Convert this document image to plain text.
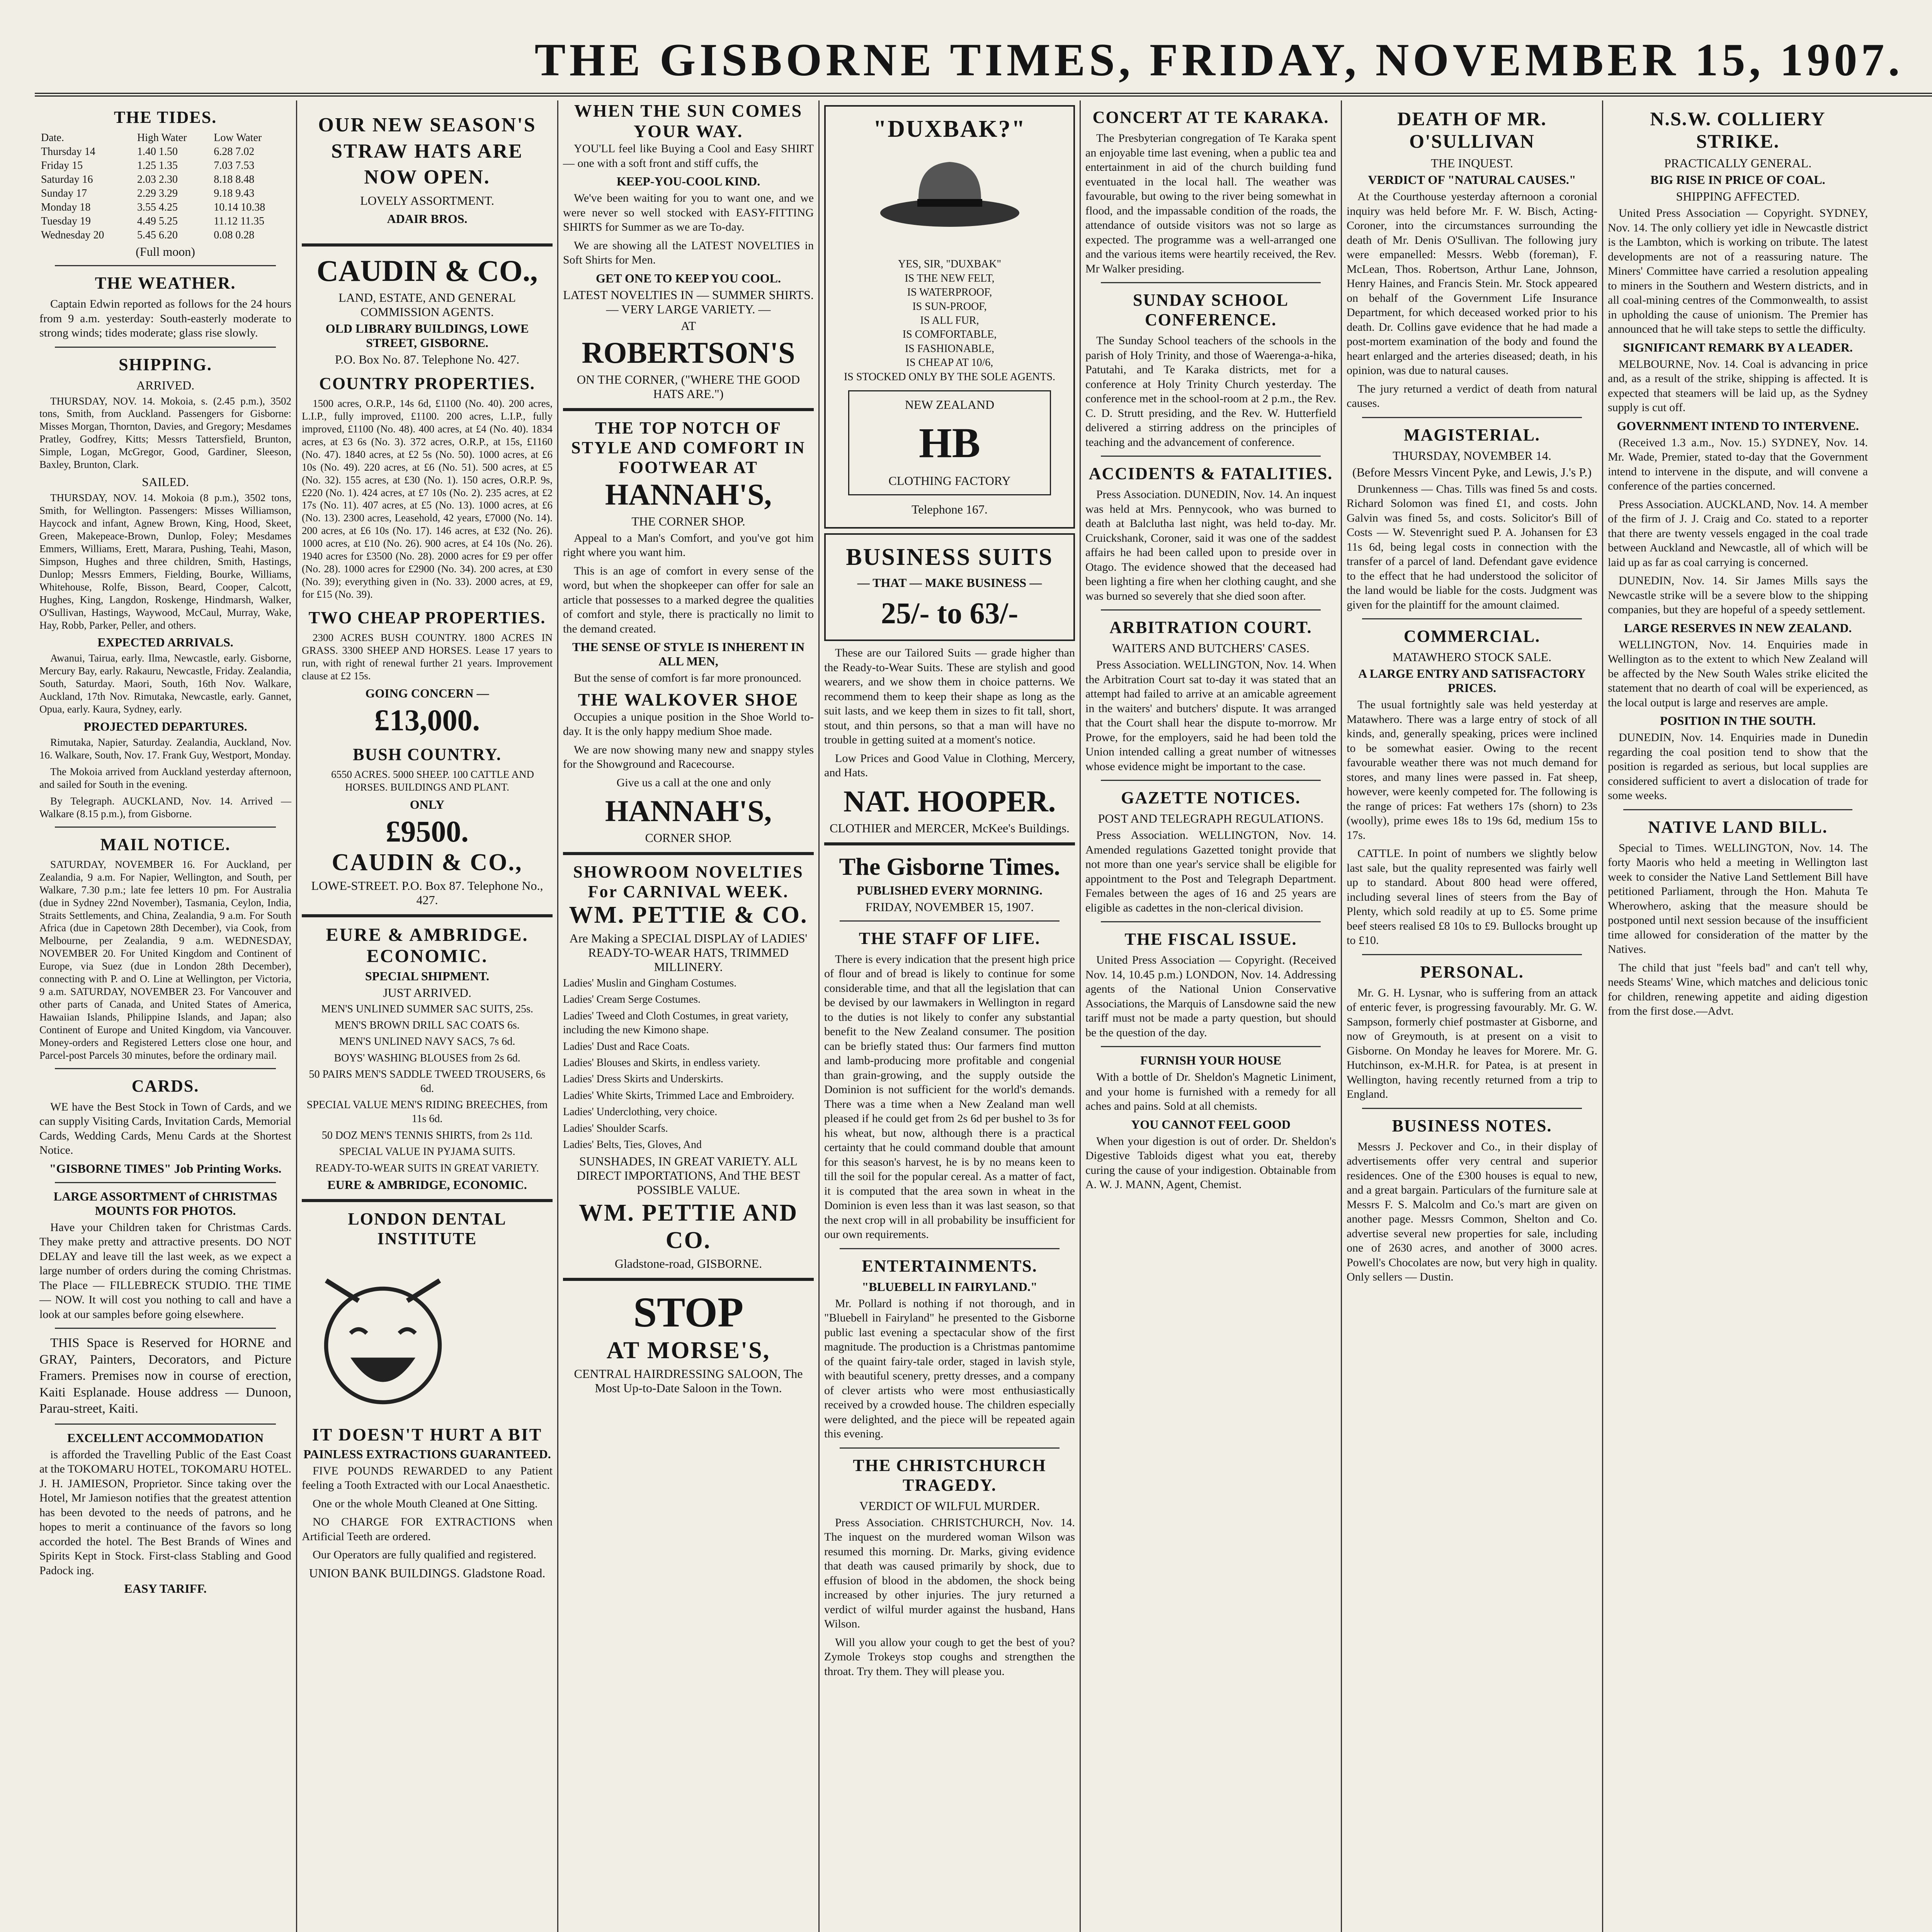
THE GISBORNE TIMES, FRIDAY, NOVEMBER 15, 1907.
THE TIDES.
Date.	High Water	Low Water
Thursday 14	1.40 1.50	6.28 7.02
Friday 15	1.25 1.35	7.03 7.53
Saturday 16	2.03 2.30	8.18 8.48
Sunday 17	2.29 3.29	9.18 9.43
Monday 18	3.55 4.25	10.14 10.38
Tuesday 19	4.49 5.25	11.12 11.35
Wednesday 20	5.45 6.20	0.08 0.28
(Full moon)
THE WEATHER.

Captain Edwin reported as follows for the 24 hours from 9 a.m. yesterday: South-easterly moderate to strong winds; tides moderate; glass rise slowly.

SHIPPING.
ARRIVED.

THURSDAY, NOV. 14. Mokoia, s. (2.45 p.m.), 3502 tons, Smith, from Auckland. Passengers for Gisborne: Misses Morgan, Thornton, Davies, and Gregory; Mesdames Pratley, Godfrey, Kitts; Messrs Tattersfield, Brunton, Simple, Logan, McGregor, Good, Gardiner, Sleeson, Baxley, Brunton, Clark.

SAILED.

THURSDAY, NOV. 14. Mokoia (8 p.m.), 3502 tons, Smith, for Wellington. Passengers: Misses Williamson, Haycock and infant, Agnew Brown, King, Hood, Skeet, Green, Makepeace-Brown, Dunlop, Foley; Mesdames Emmers, Williams, Erett, Marara, Pushing, Teahi, Mason, Simpson, Hughes and three children, Smith, Hastings, Dunlop; Messrs Emmers, Fielding, Bourke, Williams, Whitehouse, Rolfe, Bisson, Beard, Cooper, Calcott, Hughes, King, Langdon, Roskenge, Hindmarsh, Walker, O'Sullivan, Hastings, Waywood, McCaul, Murray, Wake, Hay, Robb, Parker, Peller, and others.

EXPECTED ARRIVALS.

Awanui, Tairua, early. Ilma, Newcastle, early. Gisborne, Mercury Bay, early. Rakauru, Newcastle, Friday. Zealandia, South, Saturday. Maori, South, 16th Nov. Walkare, Auckland, 17th Nov. Rimutaka, Newcastle, early. Gannet, Opua, early. Kaura, Sydney, early.

PROJECTED DEPARTURES.

Rimutaka, Napier, Saturday. Zealandia, Auckland, Nov. 16. Walkare, South, Nov. 17. Frank Guy, Westport, Monday.

The Mokoia arrived from Auckland yesterday afternoon, and sailed for South in the evening.

By Telegraph. AUCKLAND, Nov. 14. Arrived — Walkare (8.15 p.m.), from Gisborne.

MAIL NOTICE.

SATURDAY, NOVEMBER 16. For Auckland, per Zealandia, 9 a.m. For Napier, Wellington, and South, per Walkare, 7.30 p.m.; late fee letters 10 pm. For Australia (due in Sydney 22nd November), Tasmania, Ceylon, India, Straits Settlements, and China, Zealandia, 9 a.m. For South Africa (due in Capetown 28th December), via Cook, from Melbourne, per Zealandia, 9 a.m. WEDNESDAY, NOVEMBER 20. For United Kingdom and Continent of Europe, via Suez (due in London 28th December), connecting with P. and O. Line at Wellington, per Victoria, 9 a.m. SATURDAY, NOVEMBER 23. For Vancouver and other parts of Canada, and United States of America, Hawaiian Islands, Philippine Islands, and Japan; also Continent of Europe and United Kingdom, via Vancouver. Money-orders and Registered Letters close one hour, and Parcel-post Parcels 30 minutes, before the ordinary mail.

CARDS.

WE have the Best Stock in Town of Cards, and we can supply Visiting Cards, Invitation Cards, Memorial Cards, Wedding Cards, Menu Cards at the Shortest Notice.

"GISBORNE TIMES" Job Printing Works.
LARGE ASSORTMENT of CHRISTMAS MOUNTS FOR PHOTOS.

Have your Children taken for Christmas Cards. They make pretty and attractive presents. DO NOT DELAY and leave till the last week, as we expect a large number of orders during the coming Christmas. The Place — FILLEBRECK STUDIO. THE TIME — NOW. It will cost you nothing to call and have a look at our samples before going elsewhere.

THIS Space is Reserved for HORNE and GRAY, Painters, Decorators, and Picture Framers. Premises now in course of erection, Kaiti Esplanade. House address — Dunoon, Parau-street, Kaiti.

EXCELLENT ACCOMMODATION

is afforded the Travelling Public of the East Coast at the TOKOMARU HOTEL, TOKOMARU HOTEL. J. H. JAMIESON, Proprietor. Since taking over the Hotel, Mr Jamieson notifies that the greatest attention has been devoted to the needs of patrons, and he hopes to merit a continuance of the favors so long accorded the hotel. The Best Brands of Wines and Spirits Kept in Stock. First-class Stabling and Good Padock ing.

EASY TARIFF.
OUR NEW SEASON'S STRAW HATS ARE NOW OPEN.
LOVELY ASSORTMENT.
ADAIR BROS.
CAUDIN & CO.,
LAND, ESTATE, AND GENERAL COMMISSION AGENTS.
OLD LIBRARY BUILDINGS, LOWE STREET, GISBORNE.
P.O. Box No. 87. Telephone No. 427.
COUNTRY PROPERTIES.

1500 acres, O.R.P., 14s 6d, £1100 (No. 40). 200 acres, L.I.P., fully improved, £1100. 200 acres, L.I.P., fully improved, £1100 (No. 48). 400 acres, at £4 (No. 40). 1834 acres, at £3 6s (No. 3). 372 acres, O.R.P., at 15s, £1160 (No. 47). 1840 acres, at £2 5s (No. 50). 1000 acres, at £6 10s (No. 49). 220 acres, at £6 (No. 51). 500 acres, at £5 (No. 32). 155 acres, at £30 (No. 1). 150 acres, O.R.P. 9s, £220 (No. 1). 424 acres, at £7 10s (No. 2). 235 acres, at £2 17s (No. 11). 407 acres, at £5 (No. 13). 1000 acres, at £6 (No. 13). 2300 acres, Leasehold, 42 years, £7000 (No. 14). 200 acres, at £6 10s (No. 17). 146 acres, at £32 (No. 26). 1000 acres, at £10 (No. 26). 900 acres, at £4 10s (No. 26). 1940 acres for £3500 (No. 28). 2000 acres for £9 per offer (No. 28). 1000 acres for £2900 (No. 34). 200 acres, at £30 (No. 39); everything given in (No. 33). 2000 acres, at £9, for £15 (No. 39).

TWO CHEAP PROPERTIES.

2300 ACRES BUSH COUNTRY. 1800 ACRES IN GRASS. 3300 SHEEP AND HORSES. Lease 17 years to run, with right of renewal further 21 years. Improvement clause at £2 15s.

GOING CONCERN —
£13,000.
BUSH COUNTRY.

6550 ACRES. 5000 SHEEP. 100 CATTLE AND HORSES. BUILDINGS AND PLANT.

ONLY
£9500.
CAUDIN & CO.,
LOWE-STREET. P.O. Box 87. Telephone No., 427.
EURE & AMBRIDGE. ECONOMIC.
SPECIAL SHIPMENT.
JUST ARRIVED.
MEN'S UNLINED SUMMER SAC SUITS, 25s.
MEN'S BROWN DRILL SAC COATS 6s.
MEN'S UNLINED NAVY SACS, 7s 6d.
BOYS' WASHING BLOUSES from 2s 6d.
50 PAIRS MEN'S SADDLE TWEED TROUSERS, 6s 6d.
SPECIAL VALUE MEN'S RIDING BREECHES, from 11s 6d.
50 DOZ MEN'S TENNIS SHIRTS, from 2s 11d.
SPECIAL VALUE IN PYJAMA SUITS.
READY-TO-WEAR SUITS IN GREAT VARIETY.
EURE & AMBRIDGE, ECONOMIC.
LONDON DENTAL INSTITUTE
IT DOESN'T HURT A BIT
PAINLESS EXTRACTIONS GUARANTEED.

FIVE POUNDS REWARDED to any Patient feeling a Tooth Extracted with our Local Anaesthetic.

One or the whole Mouth Cleaned at One Sitting.

NO CHARGE FOR EXTRACTIONS when Artificial Teeth are ordered.

Our Operators are fully qualified and registered.

UNION BANK BUILDINGS. Gladstone Road.
WHEN THE SUN COMES YOUR WAY.

YOU'LL feel like Buying a Cool and Easy SHIRT — one with a soft front and stiff cuffs, the

KEEP-YOU-COOL KIND.

We've been waiting for you to want one, and we were never so well stocked with EASY-FITTING SHIRTS for Summer as we are To-day.

We are showing all the LATEST NOVELTIES in Soft Shirts for Men.

GET ONE TO KEEP YOU COOL.
LATEST NOVELTIES IN — SUMMER SHIRTS. — VERY LARGE VARIETY. —
AT
ROBERTSON'S
ON THE CORNER, ("WHERE THE GOOD HATS ARE.")
THE TOP NOTCH OF STYLE AND COMFORT IN FOOTWEAR AT
HANNAH'S,
THE CORNER SHOP.

Appeal to a Man's Comfort, and you've got him right where you want him.

This is an age of comfort in every sense of the word, but when the shopkeeper can offer for sale an article that possesses to a marked degree the qualities of comfort and style, there is practically no limit to the demand created.

THE SENSE OF STYLE IS INHERENT IN ALL MEN,

But the sense of comfort is far more pronounced.

THE WALKOVER SHOE

Occupies a unique position in the Shoe World to-day. It is the only happy medium Shoe made.

We are now showing many new and snappy styles for the Showground and Racecourse.

Give us a call at the one and only

HANNAH'S,
CORNER SHOP.
SHOWROOM NOVELTIES For CARNIVAL WEEK.
WM. PETTIE & CO.
Are Making a SPECIAL DISPLAY of LADIES' READY-TO-WEAR HATS, TRIMMED MILLINERY.
Ladies' Muslin and Gingham Costumes.
Ladies' Cream Serge Costumes.
Ladies' Tweed and Cloth Costumes, in great variety, including the new Kimono shape.
Ladies' Dust and Race Coats.
Ladies' Blouses and Skirts, in endless variety.
Ladies' Dress Skirts and Underskirts.
Ladies' White Skirts, Trimmed Lace and Embroidery.
Ladies' Underclothing, very choice.
Ladies' Shoulder Scarfs.
Ladies' Belts, Ties, Gloves, And
SUNSHADES, IN GREAT VARIETY. ALL DIRECT IMPORTATIONS, And THE BEST POSSIBLE VALUE.
WM. PETTIE AND CO.
Gladstone-road, GISBORNE.
STOP
AT MORSE'S,
CENTRAL HAIRDRESSING SALOON, The Most Up-to-Date Saloon in the Town.
"DUXBAK?"
YES, SIR, "DUXBAK"
IS THE NEW FELT,
IS WATERPROOF,
IS SUN-PROOF,
IS ALL FUR,
IS COMFORTABLE,
IS FASHIONABLE,
IS CHEAP AT 10/6,
IS STOCKED ONLY BY THE SOLE AGENTS.
NEW ZEALAND
HB
CLOTHING FACTORY
Telephone 167.
BUSINESS SUITS
— THAT — MAKE BUSINESS —
25/- to 63/-

These are our Tailored Suits — grade higher than the Ready-to-Wear Suits. These are stylish and good wearers, and we show them in choice patterns. We recommend them to keep their shape as long as the suit lasts, and we keep them in sizes to fit tall, short, stout, and thin persons, so that a man will have no trouble in getting suited at a moment's notice.

Low Prices and Good Value in Clothing, Mercery, and Hats.

NAT. HOOPER.
CLOTHIER and MERCER, McKee's Buildings.
The Gisborne Times.
PUBLISHED EVERY MORNING.
FRIDAY, NOVEMBER 15, 1907.
THE STAFF OF LIFE.

There is every indication that the present high price of flour and of bread is likely to continue for some considerable time, and that all the legislation that can be devised by our lawmakers in Wellington in regard to the duties is not likely to confer any substantial benefit to the New Zealand consumer. The position can be briefly stated thus: Our farmers find mutton and lamb-producing more profitable and congenial than grain-growing, and the supply outside the Dominion is not sufficient for the world's demands. There was a time when a New Zealand man well pleased if he could get from 2s 6d per bushel to 3s for his wheat, but now, although there is a practical certainty that he could command double that amount for this season's harvest, he is by no means keen to till the soil for the popular cereal. As a matter of fact, it is computed that the area sown in wheat in the Dominion is even less than it was last season, so that the next crop will in all probability be insufficient for our own requirements.

ENTERTAINMENTS.
"BLUEBELL IN FAIRYLAND."

Mr. Pollard is nothing if not thorough, and in "Bluebell in Fairyland" he presented to the Gisborne public last evening a spectacular show of the first magnitude. The production is a Christmas pantomime of the quaint fairy-tale order, staged in lavish style, with beautiful scenery, pretty dresses, and a company of clever artists who were most enthusiastically received by a crowded house. The children especially were delighted, and the piece will be repeated again this evening.

THE CHRISTCHURCH TRAGEDY.
VERDICT OF WILFUL MURDER.

Press Association. CHRISTCHURCH, Nov. 14. The inquest on the murdered woman Wilson was resumed this morning. Dr. Marks, giving evidence that death was caused primarily by shock, due to effusion of blood in the abdomen, the shock being increased by other injuries. The jury returned a verdict of wilful murder against the husband, Hans Wilson.

Will you allow your cough to get the best of you? Zymole Trokeys stop coughs and strengthen the throat. Try them. They will please you.

CONCERT AT TE KARAKA.

The Presbyterian congregation of Te Karaka spent an enjoyable time last evening, when a public tea and entertainment in aid of the church building fund eventuated in the local hall. The weather was favourable, but owing to the river being somewhat in flood, and the impassable condition of the roads, the attendance of outside visitors was not so large as expected. The programme was a well-arranged one and the various items were heartily received, the Rev. Mr Walker presiding.

SUNDAY SCHOOL CONFERENCE.

The Sunday School teachers of the schools in the parish of Holy Trinity, and those of Waerenga-a-hika, Patutahi, and Te Karaka districts, met for a conference at Holy Trinity Church yesterday. The conference met in the school-room at 2 p.m., the Rev. C. D. Strutt presiding, and the Rev. W. Hutterfield delivered a stirring address on the principles of teaching and the advancement of conference.

ACCIDENTS & FATALITIES.

Press Association. DUNEDIN, Nov. 14. An inquest was held at Mrs. Pennycook, who was burned to death at Balclutha last night, was held to-day. Mr. Cruickshank, Coroner, said it was one of the saddest affairs he had been called upon to preside over in Otago. The evidence showed that the deceased had been lighting a fire when her clothing caught, and she was burned so severely that she died soon after.

ARBITRATION COURT.
WAITERS AND BUTCHERS' CASES.

Press Association. WELLINGTON, Nov. 14. When the Arbitration Court sat to-day it was stated that an attempt had failed to arrive at an amicable agreement in the waiters' and butchers' dispute. It was arranged that the Court shall hear the dispute to-morrow. Mr Prowe, for the employers, said he had been told the Union intended calling a great number of witnesses whose evidence might be important to the case.

GAZETTE NOTICES.
POST AND TELEGRAPH REGULATIONS.

Press Association. WELLINGTON, Nov. 14. Amended regulations Gazetted tonight provide that not more than one year's service shall be eligible for appointment to the Post and Telegraph Department. Females between the ages of 16 and 25 years are eligible as cadettes in the non-clerical division.

THE FISCAL ISSUE.

United Press Association — Copyright. (Received Nov. 14, 10.45 p.m.) LONDON, Nov. 14. Addressing agents of the National Union Conservative Associations, the Marquis of Lansdowne said the new tariff must not be made a party question, but should be the question of the day.

FURNISH YOUR HOUSE

With a bottle of Dr. Sheldon's Magnetic Liniment, and your home is furnished with a remedy for all aches and pains. Sold at all chemists.

YOU CANNOT FEEL GOOD

When your digestion is out of order. Dr. Sheldon's Digestive Tabloids digest what you eat, thereby curing the cause of your indigestion. Obtainable from A. W. J. MANN, Agent, Chemist.

DEATH OF MR. O'SULLIVAN
THE INQUEST.
VERDICT OF "NATURAL CAUSES."

At the Courthouse yesterday afternoon a coronial inquiry was held before Mr. F. W. Bisch, Acting-Coroner, into the circumstances surrounding the death of Mr. Denis O'Sullivan. The following jury were empanelled: Messrs. Webb (foreman), F. McLean, Thos. Robertson, Arthur Lane, Johnson, Henry Haines, and Francis Stein. Mr. Stock appeared on behalf of the Government Life Insurance Department, for which deceased worked prior to his death. Dr. Collins gave evidence that he had made a post-mortem examination of the body and found the heart enlarged and the arteries diseased; death, in his opinion, was due to natural causes.

The jury returned a verdict of death from natural causes.

MAGISTERIAL.
THURSDAY, NOVEMBER 14.
(Before Messrs Vincent Pyke, and Lewis, J.'s P.)

Drunkenness — Chas. Tills was fined 5s and costs. Richard Solomon was fined £1, and costs. John Galvin was fined 5s, and costs. Solicitor's Bill of Costs — W. Stevenright sued P. A. Johansen for £3 11s 6d, being legal costs in connection with the transfer of a parcel of land. Defendant gave evidence to the effect that he had understood the solicitor of the land would be liable for the costs. Judgment was given for the plaintiff for the amount claimed.

COMMERCIAL.
MATAWHERO STOCK SALE.
A LARGE ENTRY AND SATISFACTORY PRICES.

The usual fortnightly sale was held yesterday at Matawhero. There was a large entry of stock of all kinds, and, generally speaking, prices were inclined to be somewhat easier. Owing to the recent favourable weather there was not much demand for stores, and many lines were passed in. Fat sheep, however, were keenly competed for. The following is the range of prices: Fat wethers 17s (shorn) to 23s (woolly), prime ewes 18s to 19s 6d, medium 15s to 17s.

CATTLE. In point of numbers we slightly below last sale, but the quality represented was fairly well up to standard. About 800 head were offered, including several lines of steers from the Bay of Plenty, which sold readily at up to £5. Some prime beef steers realised £8 10s to £9. Bullocks brought up to £10.

PERSONAL.

Mr. G. H. Lysnar, who is suffering from an attack of enteric fever, is progressing favourably. Mr. G. W. Sampson, formerly chief postmaster at Gisborne, and now of Greymouth, is at present on a visit to Gisborne. On Monday he leaves for Morere. Mr. G. Hutchinson, ex-M.H.R. for Patea, is at present in Wellington, having recently returned from a trip to England.

BUSINESS NOTES.

Messrs J. Peckover and Co., in their display of advertisements offer very central and superior residences. One of the £300 houses is equal to new, and a great bargain. Particulars of the furniture sale at Messrs F. S. Malcolm and Co.'s mart are given on another page. Messrs Common, Shelton and Co. advertise several new properties for sale, including one of 2630 acres, and another of 3000 acres. Powell's Chocolates are now, but very high in quality. Only sellers — Dustin.

N.S.W. COLLIERY STRIKE.
PRACTICALLY GENERAL.
BIG RISE IN PRICE OF COAL.
SHIPPING AFFECTED.

United Press Association — Copyright. SYDNEY, Nov. 14. The only colliery yet idle in Newcastle district is the Lambton, which is working on tribute. The latest developments are not of a reassuring nature. The Miners' Committee have carried a resolution appealing to miners in the Southern and Western districts, and in all coal-mining centres of the Commonwealth, to assist in upholding the cause of unionism. The Premier has announced that he will take steps to settle the difficulty.

SIGNIFICANT REMARK BY A LEADER.

MELBOURNE, Nov. 14. Coal is advancing in price and, as a result of the strike, shipping is affected. It is expected that steamers will be laid up, as the Sydney supply is cut off.

GOVERNMENT INTEND TO INTERVENE.

(Received 1.3 a.m., Nov. 15.) SYDNEY, Nov. 14. Mr. Wade, Premier, stated to-day that the Government intend to intervene in the dispute, and will convene a conference of the parties concerned.

Press Association. AUCKLAND, Nov. 14. A member of the firm of J. J. Craig and Co. stated to a reporter that there are twenty vessels engaged in the coal trade between Auckland and Newcastle, all of which will be laid up as far as coal carrying is concerned.

DUNEDIN, Nov. 14. Sir James Mills says the Newcastle strike will be a severe blow to the shipping companies, but they are hopeful of a speedy settlement.

LARGE RESERVES IN NEW ZEALAND.

WELLINGTON, Nov. 14. Enquiries made in Wellington as to the extent to which New Zealand will be affected by the New South Wales strike elicited the statement that no dearth of coal will be experienced, as the local output is large and reserves are ample.

POSITION IN THE SOUTH.

DUNEDIN, Nov. 14. Enquiries made in Dunedin regarding the coal position tend to show that the position is regarded as serious, but local supplies are considered sufficient to avert a dislocation of trade for some weeks.

NATIVE LAND BILL.

Special to Times. WELLINGTON, Nov. 14. The forty Maoris who held a meeting in Wellington last week to consider the Native Land Settlement Bill have petitioned Parliament, through the Hon. Mahuta Te Wherowhero, asking that the measure should be postponed until next session because of the insufficient time allowed for consideration of the matter by the Natives.

The child that just "feels bad" and can't tell why, needs Steams' Wine, which matches and delicious tonic for children, renewing appetite and aiding digestion from the first dose.—Advt.
